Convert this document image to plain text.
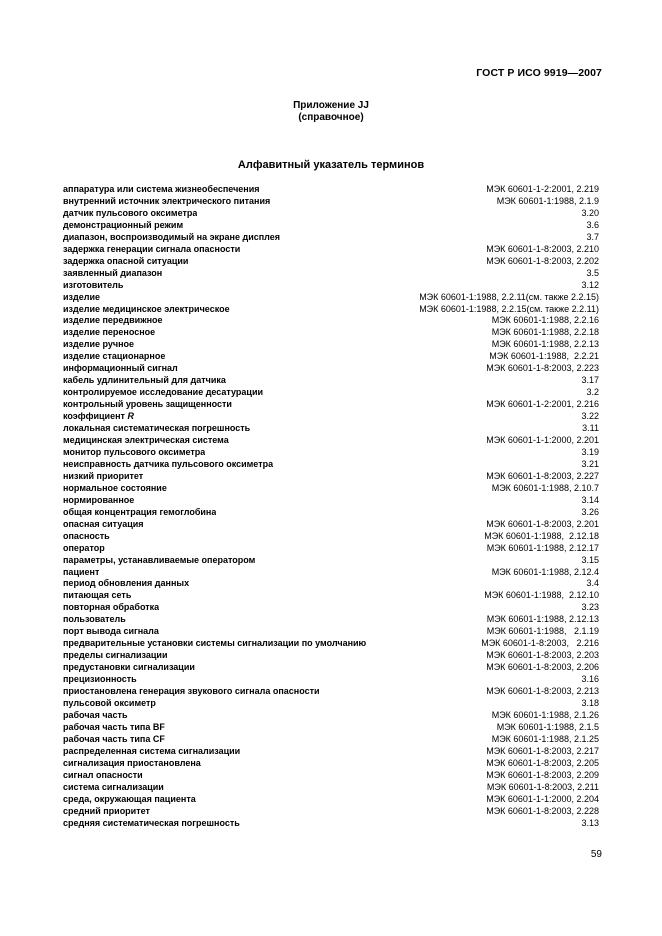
ГОСТ Р ИСО 9919—2007
Приложение JJ
(справочное)
Алфавитный указатель терминов
аппаратура или система жизнеобеспечения	МЭК 60601-1-2:2001, 2.219
внутренний источник электрического питания	МЭК 60601-1:1988, 2.1.9
датчик пульсового оксиметра	3.20
демонстрационный режим	3.6
диапазон, воспроизводимый на экране дисплея	3.7
задержка генерации сигнала опасности	МЭК 60601-1-8:2003, 2.210
задержка опасной ситуации	МЭК 60601-1-8:2003, 2.202
заявленный диапазон	3.5
изготовитель	3.12
изделие	МЭК 60601-1:1988, 2.2.11(см. также 2.2.15)
изделие медицинское электрическое	МЭК 60601-1:1988, 2.2.15(см. также 2.2.11)
изделие передвижное	МЭК 60601-1:1988, 2.2.16
изделие переносное	МЭК 60601-1:1988, 2.2.18
изделие ручное	МЭК 60601-1:1988, 2.2.13
изделие стационарное	МЭК 60601-1:1988,  2.2.21
информационный сигнал	МЭК 60601-1-8:2003, 2.223
кабель удлинительный для датчика	3.17
контролируемое исследование десатурации	3.2
контрольный уровень защищенности	МЭК 60601-1-2:2001, 2.216
коэффициент R	3.22
локальная систематическая погрешность	3.11
медицинская электрическая система	МЭК 60601-1-1:2000, 2.201
монитор пульсового оксиметра	3.19
неисправность датчика пульсового оксиметра	3.21
низкий приоритет	МЭК 60601-1-8:2003, 2.227
нормальное состояние	МЭК 60601-1:1988, 2.10.7
нормированное	3.14
общая концентрация гемоглобина	3.26
опасная ситуация	МЭК 60601-1-8:2003, 2.201
опасность	МЭК 60601-1:1988,  2.12.18
оператор	МЭК 60601-1:1988, 2.12.17
параметры, устанавливаемые оператором	3.15
пациент	МЭК 60601-1:1988, 2.12.4
период обновления данных	3.4
питающая сеть	МЭК 60601-1:1988,  2.12.10
повторная обработка	3.23
пользователь	МЭК 60601-1:1988, 2.12.13
порт вывода сигнала	МЭК 60601-1:1988,   2.1.19
предварительные установки системы сигнализации по умолчанию	МЭК 60601-1-8:2003,   2.216
пределы сигнализации	МЭК 60601-1-8:2003, 2.203
предустановки сигнализации	МЭК 60601-1-8:2003, 2.206
прецизионность	3.16
приостановлена генерация звукового сигнала опасности	МЭК 60601-1-8:2003, 2.213
пульсовой оксиметр	3.18
рабочая часть	МЭК 60601-1:1988, 2.1.26
рабочая часть типа BF	МЭК 60601-1:1988, 2.1.5
рабочая часть типа CF	МЭК 60601-1:1988, 2.1.25
распределенная система сигнализации	МЭК 60601-1-8:2003, 2.217
сигнализация приостановлена	МЭК 60601-1-8:2003, 2.205
сигнал опасности	МЭК 60601-1-8:2003, 2.209
система сигнализации	МЭК 60601-1-8:2003, 2.211
среда, окружающая пациента	МЭК 60601-1-1:2000, 2.204
средний приоритет	МЭК 60601-1-8:2003, 2.228
средняя систематическая погрешность	3.13
59
